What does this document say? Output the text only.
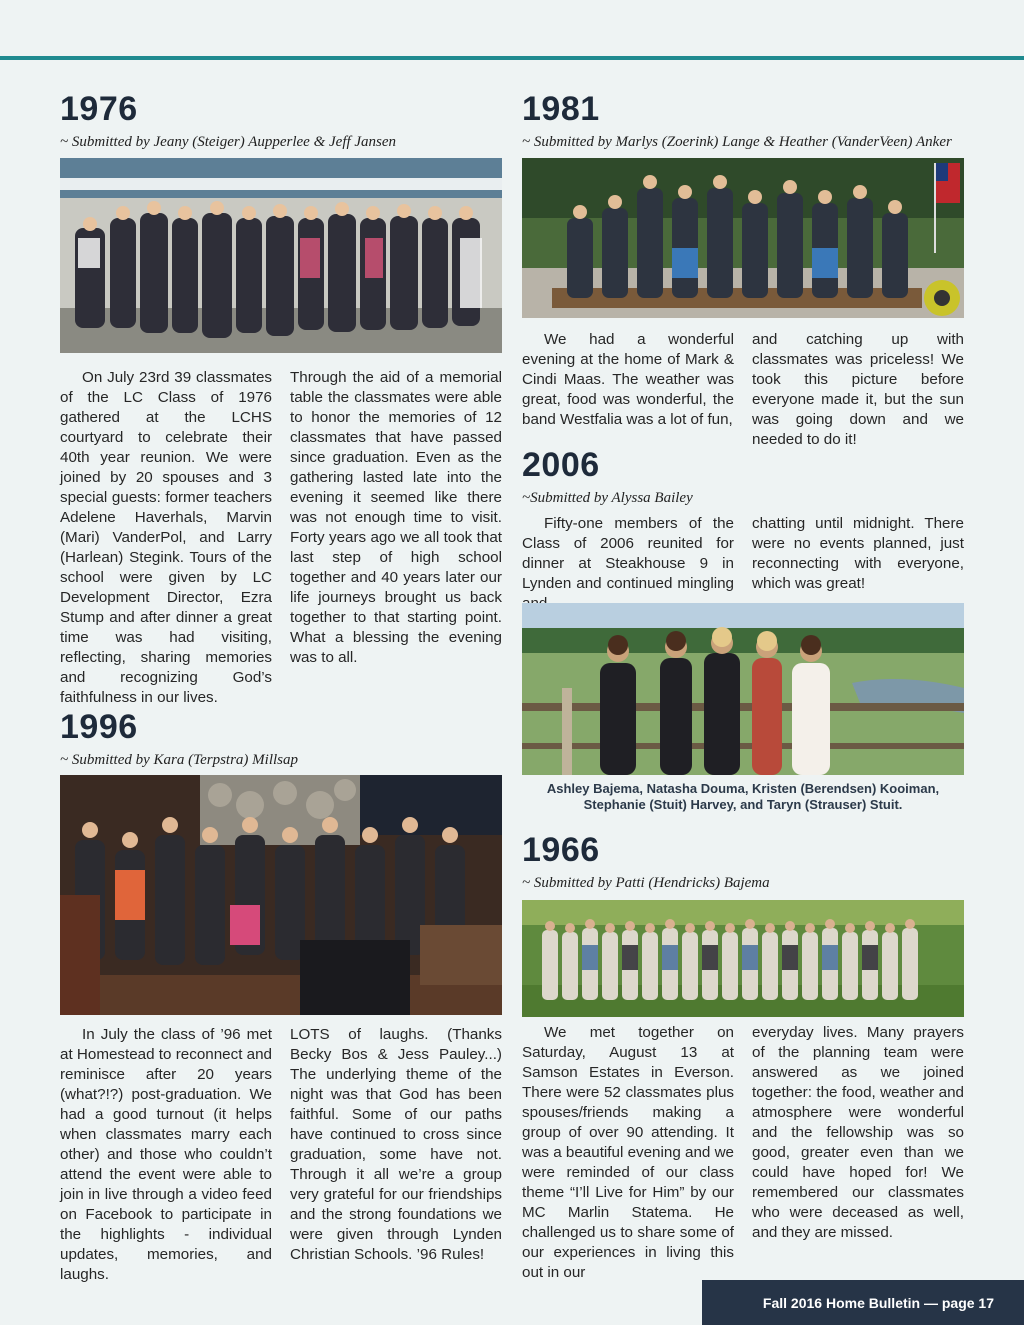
1976
~ Submitted by Jeany (Steiger) Aupperlee & Jeff Jansen

On July 23rd 39 classmates of the LC Class of 1976 gathered at the LCHS courtyard to celebrate their 40th year reunion. We were joined by 20 spouses and 3 special guests: former teachers Adelene Haverhals, Marvin (Mari) VanderPol, and Larry (Harlean) Stegink. Tours of the school were given by LC Development Director, Ezra Stump and after dinner a great time was had visiting, reflecting, sharing memories and recognizing God’s faithfulness in our lives.

Through the aid of a memorial table the classmates were able to honor the memories of 12 classmates that have passed since graduation. Even as the gathering lasted late into the evening it seemed like there was not enough time to visit. Forty years ago we all took that last step of high school together and 40 years later our life journeys brought us back together to that starting point. What a blessing the evening was to all.

1996
~ Submitted by Kara (Terpstra) Millsap

In July the class of ’96 met at Homestead to reconnect and reminisce after 20 years (what?!?) post-graduation. We had a good turnout (it helps when classmates marry each other) and those who couldn’t attend the event were able to join in live through a video feed on Facebook to participate in the highlights - individual updates, memories, and laughs.

LOTS of laughs. (Thanks Becky Bos & Jess Pauley...) The underlying theme of the night was that God has been faithful. Some of our paths have continued to cross since graduation, some have not. Through it all we’re a group very grateful for our friendships and the strong foundations we were given through Lynden Christian Schools. ’96 Rules!

1981
~ Submitted by Marlys (Zoerink) Lange & Heather (VanderVeen) Anker

We had a wonderful evening at the home of Mark & Cindi Maas. The weather was great, food was wonderful, the band Westfalia was a lot of fun,

and catching up with classmates was priceless! We took this picture before everyone made it, but the sun was going down and we needed to do it!

2006
~Submitted by Alyssa Bailey

Fifty-one members of the Class of 2006 reunited for dinner at Steakhouse 9 in Lynden and continued mingling

chatting until midnight. There were no events planned, just reconnecting with everyone, which was great!

Ashley Bajema, Natasha Douma, Kristen (Berendsen) Kooiman,
Stephanie (Stuit) Harvey, and Taryn (Strauser) Stuit.
1966
~ Submitted by Patti (Hendricks) Bajema

We met together on Saturday, August 13 at Samson Estates in Everson. There were 52 classmates plus spouses/friends making a group of over 90 attending. It was a beautiful evening and we were reminded of our class theme “I’ll Live for Him” by our MC Marlin Statema. He challenged us to share some of our experiences in living this out in our

everyday lives. Many prayers of the planning team were answered as we joined together: the food, weather and atmosphere were wonderful and the fellowship was so good, greater even than we could have hoped for! We remembered our classmates who were deceased as well, and they are missed.

Fall 2016 Home Bulletin — page 17
